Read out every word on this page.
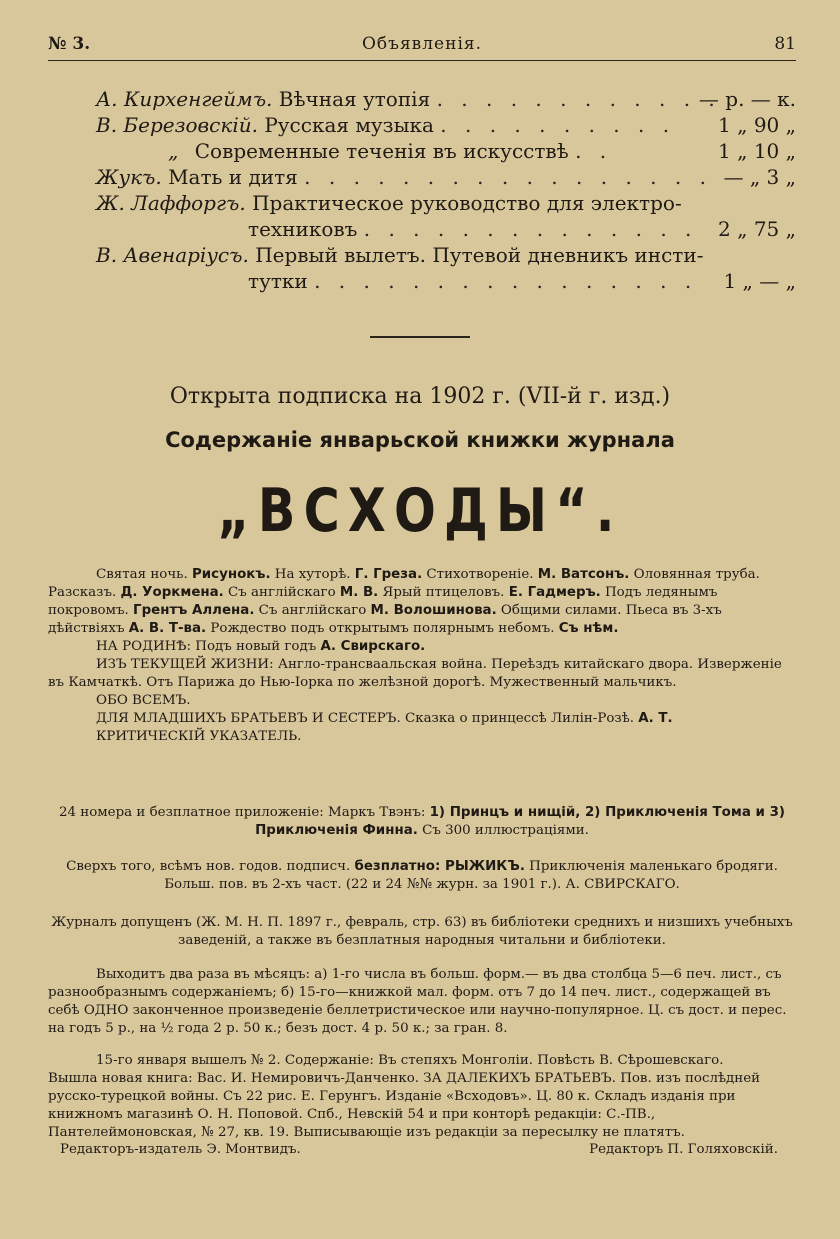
№ 3.	Объявленія.	81
А. Кирхенгеймъ. Вѣчная утопія . . . . . . . . . . . .
— р. — к.
В. Березовскій. Русская музыка . . . . . . . . . . 1 „ 90 „
„ Современные теченія въ искусствѣ . .	1 „ 10 „
Жукъ. Мать и дитя . . . . . . . . . . . . . . . . . — „ 3 „
Ж. Лаффоргъ. Практическое руководство для электро-
техниковъ . . . . . . . . . . . . . . 2 „ 75 „
В. Авенаріусъ. Первый вылетъ. Путевой дневникъ инсти-
тутки . . . . . . . . . . . . . . . . 1 „ — „
Открыта подписка на 1902 г. (VII-й г. изд.)
Содержаніе январьской книжки журнала
„ВСХОДЫ“.

Святая ночь. Рисунокъ. На хуторѣ. Г. Греза. Стихотвореніе. М. Ватсонъ. Оловянная труба. Разсказъ. Д. Уоркмена. Съ англійскаго М. В. Ярый птицеловъ. Е. Гадмеръ. Подъ ледянымъ покровомъ. Грентъ Аллена. Съ англійскаго М. Волошинова. Общими силами. Пьеса въ 3-хъ дѣйствіяхъ А. В. Т-ва. Рождество подъ открытымъ полярнымъ небомъ. Съ нѣм.

НА РОДИНѢ: Подъ новый годъ А. Свирскаго.

ИЗЪ ТЕКУЩЕЙ ЖИЗНИ: Англо-трансваальская война. Переѣздъ китайскаго двора. Изверженіе въ Камчаткѣ. Отъ Парижа до Нью-Іорка по желѣзной дорогѣ. Мужественный мальчикъ.

ОБО ВСЕМЪ.

ДЛЯ МЛАДШИХЪ БРАТЬЕВЪ И СЕСТЕРЪ. Сказка о принцессѣ Лилін-Розѣ. А. Т.

КРИТИЧЕСКІЙ УКАЗАТЕЛЬ.

24 номера и безплатное приложеніе: Маркъ Твэнъ: 1) Принцъ и нищій, 2) Приключенія Тома и 3) Приключенія Финна. Съ 300 иллюстраціями.

Сверхъ того, всѣмъ нов. годов. подписч. безплатно: РЫЖИКЪ. Приключенія маленькаго бродяги. Больш. пов. въ 2-хъ част. (22 и 24 №№ журн. за 1901 г.). А. СВИРСКАГО.

Журналъ допущенъ (Ж. М. Н. П. 1897 г., февраль, стр. 63) въ библіотеки среднихъ и низшихъ учебныхъ заведеній, а также въ безплатныя народныя читальни и библіотеки.

Выходитъ два раза въ мѣсяцъ: а) 1-го числа въ больш. форм.— въ два столбца 5—6 печ. лист., съ разнообразнымъ содержаніемъ; б) 15-го—книжкой мал. форм. отъ 7 до 14 печ. лист., содержащей въ себѣ ОДНО законченное произведеніе беллетристическое или научно-популярное. Ц. съ дост. и перес. на годъ 5 р., на ½ года 2 р. 50 к.; безъ дост. 4 р. 50 к.; за гран. 8.

15-го января вышелъ № 2. Содержаніе: Въ степяхъ Монголіи. Повѣсть В. Сѣрошевскаго.

Вышла новая книга: Вас. И. Немировичъ-Данченко. ЗА ДАЛЕКИХЪ БРАТЬЕВЪ. Пов. изъ послѣдней русско-турецкой войны. Съ 22 рис. Е. Герунгъ. Изданіе «Всходовъ». Ц. 80 к. Складъ изданія при книжномъ магазинѣ О. Н. Поповой. Спб., Невскій 54 и при конторѣ редакціи: С.-ПВ., Пантелеймоновская, № 27, кв. 19. Выписывающіе изъ редакціи за пересылку не платятъ.

Редакторъ-издатель Э. Монтвидъ.	Редакторъ П. Голяховскій.
